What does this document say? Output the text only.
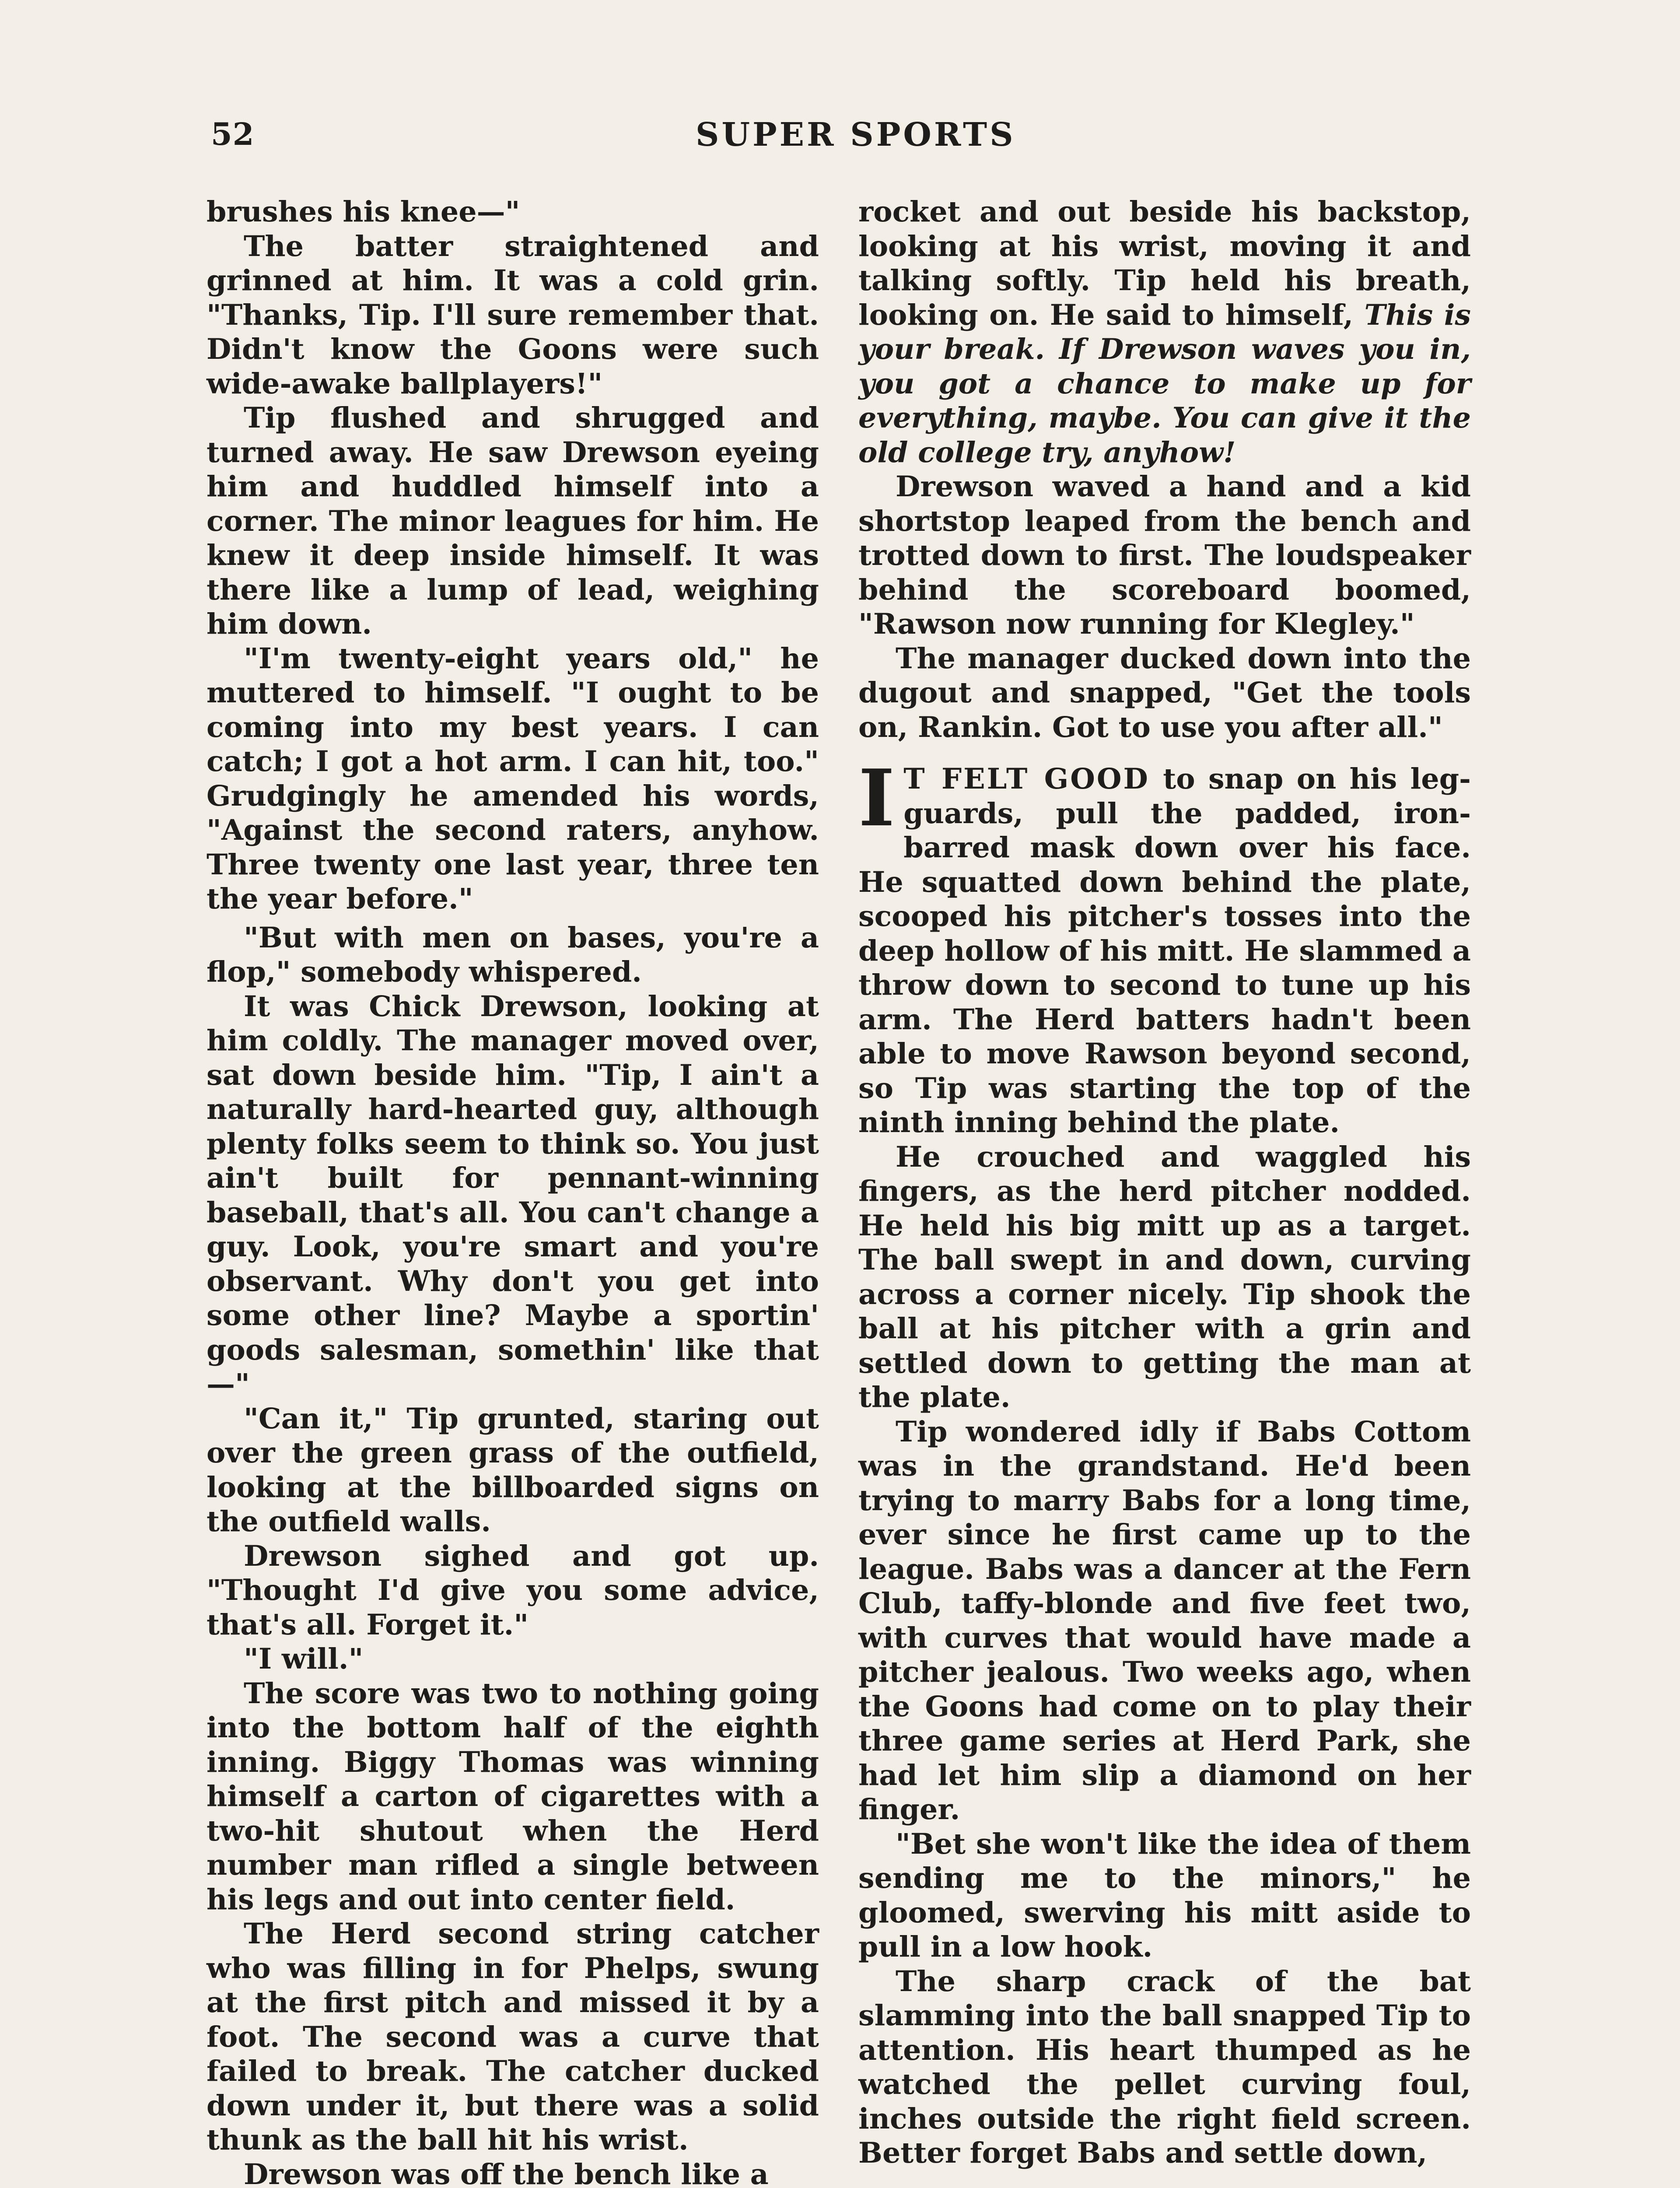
52	SUPER SPORTS

brushes his knee—"

The batter straightened and grinned at him. It was a cold grin. "Thanks, Tip. I'll sure remember that. Didn't know the Goons were such wide-awake ballplayers!"

Tip flushed and shrugged and turned away. He saw Drewson eyeing him and huddled himself into a corner. The minor leagues for him. He knew it deep inside himself. It was there like a lump of lead, weighing him down.

"I'm twenty-eight years old," he muttered to himself. "I ought to be coming into my best years. I can catch; I got a hot arm. I can hit, too." Grudgingly he amended his words, "Against the second raters, anyhow. Three twenty one last year, three ten the year before."

"But with men on bases, you're a flop," somebody whispered.

It was Chick Drewson, looking at him coldly. The manager moved over, sat down beside him. "Tip, I ain't a naturally hard-hearted guy, although plenty folks seem to think so. You just ain't built for pennant-winning baseball, that's all. You can't change a guy. Look, you're smart and you're observant. Why don't you get into some other line? Maybe a sportin' goods salesman, somethin' like that—"

"Can it," Tip grunted, staring out over the green grass of the outfield, looking at the billboarded signs on the outfield walls.

Drewson sighed and got up. "Thought I'd give you some advice, that's all. Forget it."

"I will."

The score was two to nothing going into the bottom half of the eighth inning. Biggy Thomas was winning himself a carton of cigarettes with a two-hit shutout when the Herd number man rifled a single between his legs and out into center field.

The Herd second string catcher who was filling in for Phelps, swung at the first pitch and missed it by a foot. The second was a curve that failed to break. The catcher ducked down under it, but there was a solid thunk as the ball hit his wrist.

Drewson was off the bench like a

rocket and out beside his backstop, looking at his wrist, moving it and talking softly. Tip held his breath, looking on. He said to himself, This is your break. If Drewson waves you in, you got a chance to make up for everything, maybe. You can give it the old college try, anyhow!

Drewson waved a hand and a kid shortstop leaped from the bench and trotted down to first. The loudspeaker behind the scoreboard boomed, "Rawson now running for Klegley."

The manager ducked down into the dugout and snapped, "Get the tools on, Rankin. Got to use you after all."

I T FELT GOOD to snap on his leg-guards, pull the padded, iron-barred mask down over his face. He squatted down behind the plate, scooped his pitcher's tosses into the deep hollow of his mitt. He slammed a throw down to second to tune up his arm. The Herd batters hadn't been able to move Rawson beyond second, so Tip was starting the top of the ninth inning behind the plate.

He crouched and waggled his fingers, as the herd pitcher nodded. He held his big mitt up as a target. The ball swept in and down, curving across a corner nicely. Tip shook the ball at his pitcher with a grin and settled down to getting the man at the plate.

Tip wondered idly if Babs Cottom was in the grandstand. He'd been trying to marry Babs for a long time, ever since he first came up to the league. Babs was a dancer at the Fern Club, taffy-blonde and five feet two, with curves that would have made a pitcher jealous. Two weeks ago, when the Goons had come on to play their three game series at Herd Park, she had let him slip a diamond on her finger.

"Bet she won't like the idea of them sending me to the minors," he gloomed, swerving his mitt aside to pull in a low hook.

The sharp crack of the bat slamming into the ball snapped Tip to attention. His heart thumped as he watched the pellet curving foul, inches outside the right field screen. Better forget Babs and settle down,
